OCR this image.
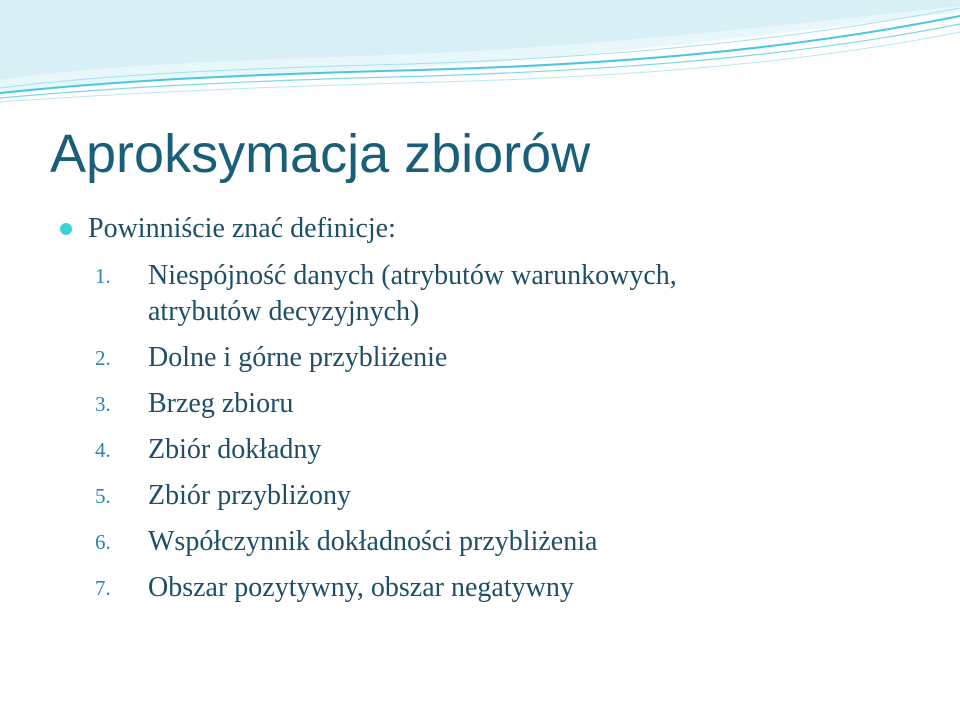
Aproksymacja zbiorów
Powinniście znać definicje:
1.	Niespójność danych (atrybutów warunkowych,
atrybutów decyzyjnych)
2.	Dolne i górne przybliżenie
3.	Brzeg zbioru
4.	Zbiór dokładny
5.	Zbiór przybliżony
6.	Współczynnik dokładności przybliżenia
7.	Obszar pozytywny, obszar negatywny
